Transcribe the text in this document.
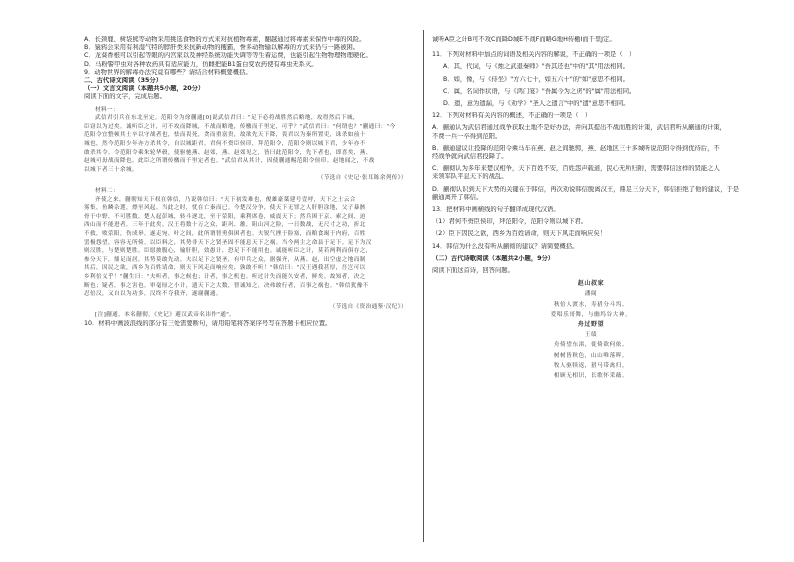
A．长颈鹿、树袋熊等动物采用挑选食物的方式来对抗植物毒素，翻越通过将毒素来保作中毒的风险。
B．猿鸦会采用有利湿气特的脖肝类来抗新动物的攫霸，誉多动物输以解毒的方式来仍与一路被困。
C．龙葵香根可以引起等眼的内宫家以及神经系统功能失调等等生着运费，也能引起生物物理物理硬化。
D．马粉警甲虫对各种农药具有适应能力，仿雌把能B1蛋白变农药使有毒虫无系灭。
9．动物世界的解毒办法究竟有哪些？请结合材料概要概括。
二、古代诗文阅读（35分）
（一）文言文阅读（本题共5小题，20分）
阅读下面的文字，完成后题。
材料一：
武信君引兵在东北至定。范阳令为徐蒯通[0]说武信君曰："足下必将战胜然后略地，攻得然后下城，
臣窃以为过矣。诚听臣之计，可不攻而降城，不战而略地，传檄而千里定，可乎？"武信君曰："何谓也？"蒯通曰："今
范阳令宜整顿其士卒以守战者也，怯而畏死，贪而重富贵，故欲先天下降，畏君以为秦所置吏，诛杀如前十
城也，然今范阳少年亦方杀其令，自以城距君。君何不赍臣侯印，拜范阳令，范阳令则以城下君，少年亦不
敢杀其令。令范阳令乘朱轮华毂，使驱驰燕、赵郊，燕、赵郊见之，皆曰此范阳令，先下者也，即喜矣，燕、
赵城可毋战而降也。此臣之所谓传檄而千里定者也。"武信君从其计，因使蒯通赐范阳令侯印。赵地闻之，不战
以城下者三十余城。
（节选自《史记·张耳陈余列传》）
材料二：
齐使之来，蒯彻知天下权在韩信，乃说韩信曰："天下初发难也，俊雄豪桀建号壹呼，天下之士云合
雾集，鱼鳞杂遝，熛至风起。当此之时，忧在亡秦而已。今楚汉分争，使天下无罪之人肝胆涂地，父子暴骸
骨于中野，不可胜数。楚人起彭城，转斗逐北，至于荥阳，乘利席卷，威震天下；然兵困于京、索之间，迫
西山而不能进者，三年于此矣。汉王将数十万之众，距巩、雒，阻山河之险，一日数战，无尺寸之功，折北
不救，败荥阳，伤成皋，遂走宛、叶之间，此所谓智勇俱困者也。夫锐气挫于险塞，而粮食竭于内府，百姓
罢极怨望，容容无所倚。以臣料之，其势非天下之贤圣固不能息天下之祸。当今两主之命县于足下。足下为汉
则汉胜，与楚则楚胜。臣愿披腹心，输肝胆，效愚计，恐足下不能用也。诚能听臣之计，莫若两利而俱存之，
参分天下，鼎足而居，其势莫敢先动。夫以足下之贤圣，有甲兵之众，据强齐，从燕、赵，出空虚之地而制
其后，因民之欲，西乡为百姓请命，则天下风走而响应矣，孰敢不听！"韩信曰："汉王遇我甚厚，吾岂可以
乡利倍义乎！"蒯生曰："夫听者，事之候也；计者，事之机也。听过计失而能久安者，鲜矣。故知者，决之
断也；疑者，事之害也。审毫厘之小计，遗天下之大数，智诚知之，决弗敢行者，百事之祸也。"韩信犹豫不
忍倍汉，又自以为功多，汉终不夺我齐，遂谢蒯通。
（节选自《资治通鉴·汉纪》）
[注]蒯通，本名蒯彻，《史记》避汉武帝名讳作"通"。
10．材料中画波浪线的部分有三处需要断句，请用铅笔将答案序号写在答题卡相应位置。
诚听A臣之计B可不攻C而降D城E不战F而略G地H传檄I而千里J定。
11．下列对材料中加点的词语及相关内容的解说，不正确的一项是（　）
A．其，代词，与《烛之武退秦师》"吾其还也"中的"其"用法相同。
B．如，像，与《侍坐》"方六七十，如五六十"的"如"意思不相同。
C．属，名词作状语，与《鸿门宴》"吾属今为之虏"的"属"用法相同。
D．遗，意为遗漏，与《劝学》"圣人之遗言"中的"遗"意思不相同。
12．下列对材料有关内容的概述，不正确的一项是（　）
A．蒯通认为武信君通过战争获取土地不是好办法，并向其提出不战而胜的计策，武信君听从蒯通的计策，
不费一兵一卒得到范阳。
B．蒯通建议让投降的范阳令乘马车在燕、赵之间驰骋，燕、赵地区三十多城听说范阳令得到优待后，不
经战争就向武信君投降了。
C．蒯彻认为多年来楚汉相争，天下百姓不安，百姓怨声载道，民心无所归附，需要韩信这样的贤能之人
来领军队平息天下的战乱。
D．蒯彻认识到天下大势的关键在于韩信，再次劝说韩信脱离汉王，鼎足三分天下，韩信拒绝了他的建议，于是
蒯通离开了韩信。
13．把材料中画横线的句子翻译成现代汉语。
（1）君何不赍臣侯印，拜范阳令，范阳令则以城下君。
（2）臣下因民之欲，西乡为百姓请命，则天下风走而响应矣！
14．韩信为什么没有听从蒯彻的建议？请简要概括。
（二）古代诗歌阅读（本题共2小题，9分）
阅读下面这首诗，回答问题。
赵山叔家
潘阆
秋倍人渡水，寿猎分斗坞。
爱唱乐哥舞，与幽坞谷大神。
舟过野望
王绩
舟倚望东渚，徙倚欲何依。
树树皆秋色，山山唯落晖。
牧人驱犊返，猎马带禽归。
相顾无相识，长歌怀采薇。
